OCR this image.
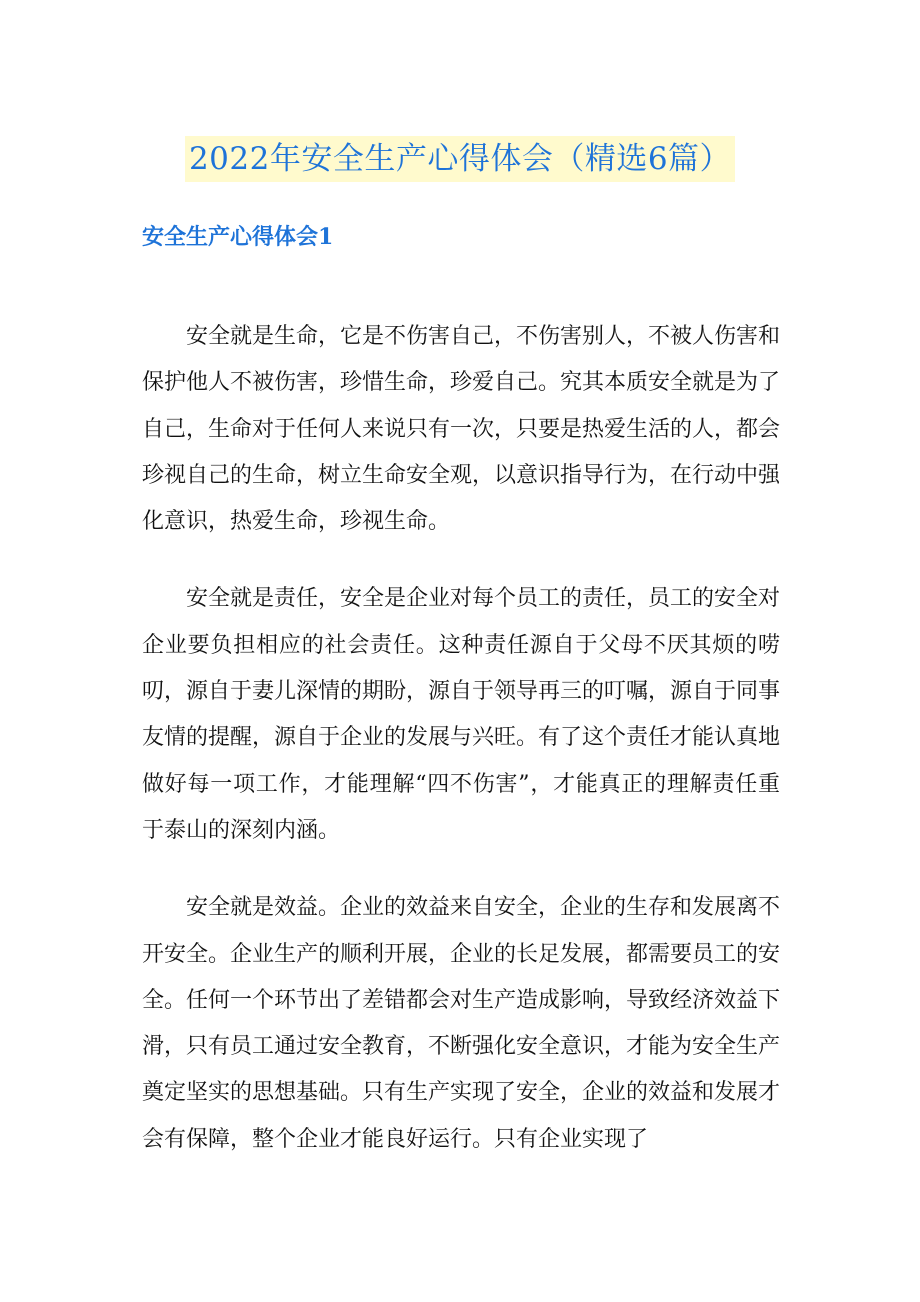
2022年安全生产心得体会（精选6篇）
安全生产心得体会1

安全就是生命，它是不伤害自己，不伤害别人，不被人伤害和保护他人不被伤害，珍惜生命，珍爱自己。究其本质安全就是为了自己，生命对于任何人来说只有一次，只要是热爱生活的人，都会珍视自己的生命，树立生命安全观，以意识指导行为，在行动中强化意识，热爱生命，珍视生命。

安全就是责任，安全是企业对每个员工的责任，员工的安全对企业要负担相应的社会责任。这种责任源自于父母不厌其烦的唠叨，源自于妻儿深情的期盼，源自于领导再三的叮嘱，源自于同事友情的提醒，源自于企业的发展与兴旺。有了这个责任才能认真地做好每一项工作，才能理解“四不伤害”，才能真正的理解责任重于泰山的深刻内涵。

安全就是效益。企业的效益来自安全，企业的生存和发展离不开安全。企业生产的顺利开展，企业的长足发展，都需要员工的安全。任何一个环节出了差错都会对生产造成影响，导致经济效益下滑，只有员工通过安全教育，不断强化安全意识，才能为安全生产奠定坚实的思想基础。只有生产实现了安全，企业的效益和发展才会有保障，整个企业才能良好运行。只有企业实现了
